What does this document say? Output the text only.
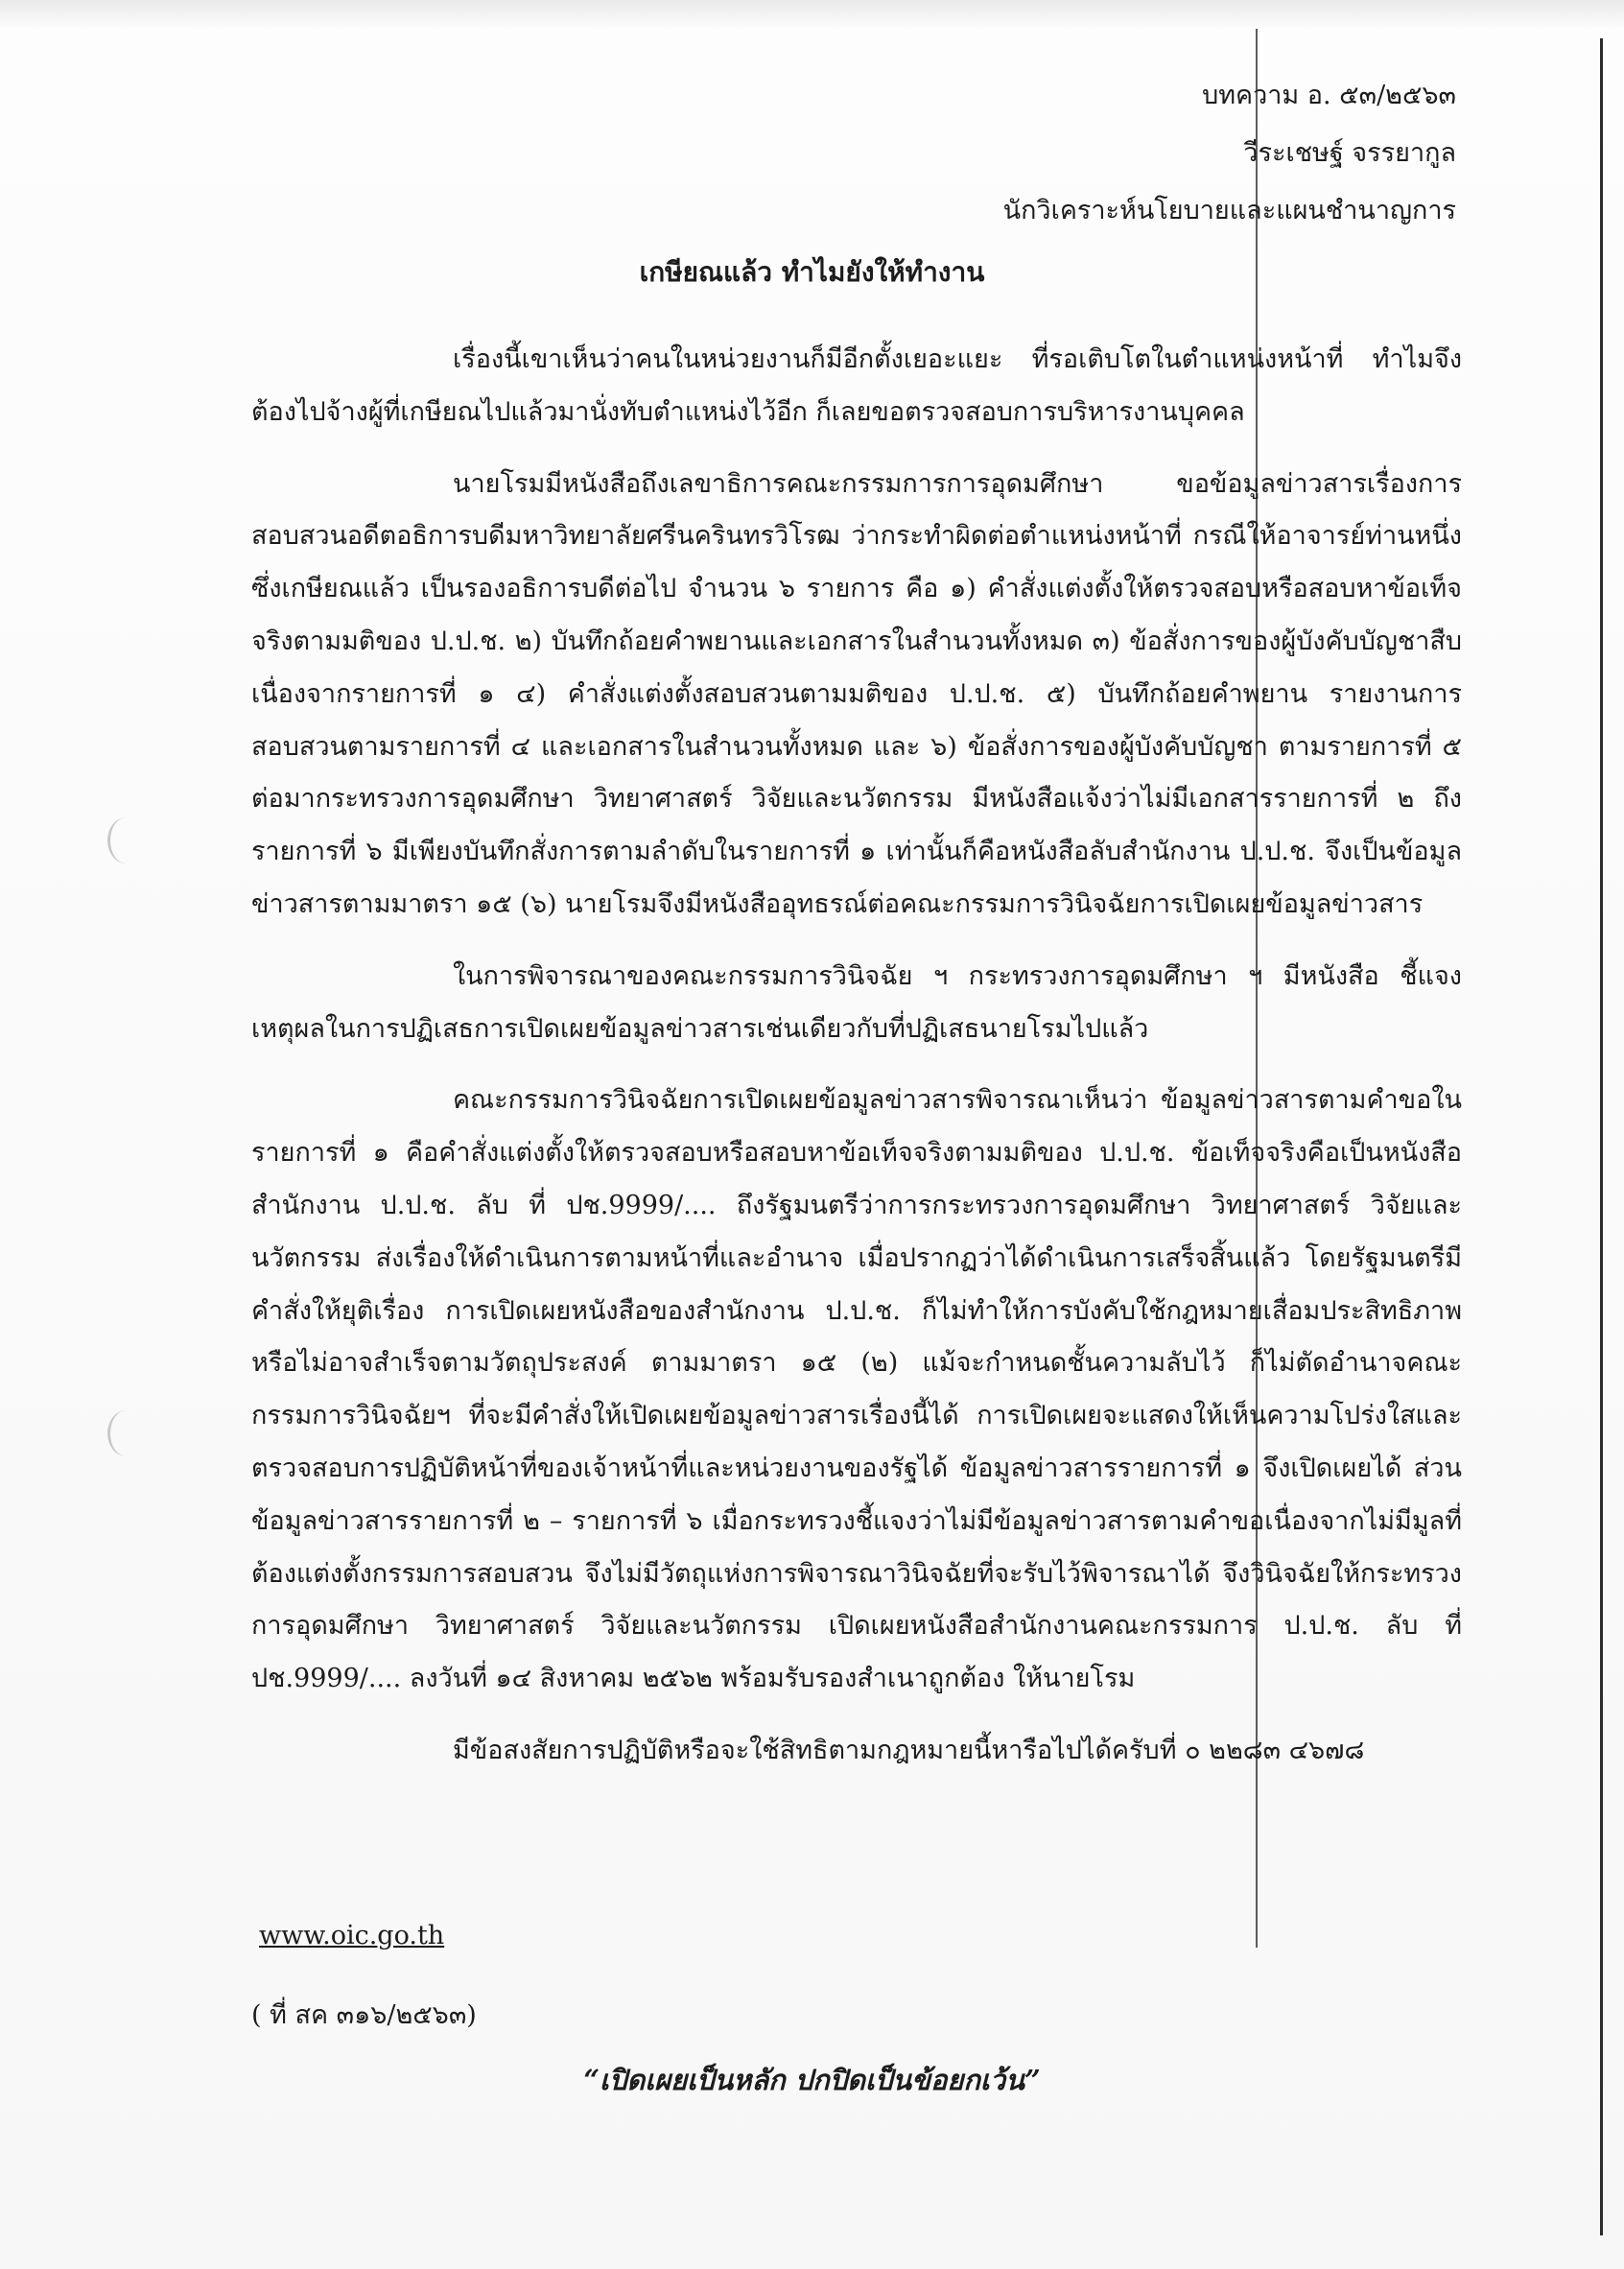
บทความ อ. ๕๓/๒๕๖๓
วีระเชษฐ์ จรรยากูล
นักวิเคราะห์นโยบายและแผนชำนาญการ
เกษียณแล้ว ทำไมยังให้ทำงาน

เรื่องนี้เขาเห็นว่าคนในหน่วยงานก็มีอีกตั้งเยอะแยะ ที่รอเติบโตในตำแหน่งหน้าที่ ทำไมจึงต้องไปจ้างผู้ที่เกษียณไปแล้วมานั่งทับตำแหน่งไว้อีก ก็เลยขอตรวจสอบการบริหารงานบุคคล

นายโรมมีหนังสือถึงเลขาธิการคณะกรรมการการอุดมศึกษา ขอข้อมูลข่าวสารเรื่องการสอบสวนอดีตอธิการบดีมหาวิทยาลัยศรีนครินทรวิโรฒ ว่ากระทำผิดต่อตำแหน่งหน้าที่ กรณีให้อาจารย์ท่านหนึ่งซึ่งเกษียณแล้ว เป็นรองอธิการบดีต่อไป จำนวน ๖ รายการ คือ ๑) คำสั่งแต่งตั้งให้ตรวจสอบหรือสอบหาข้อเท็จจริงตามมติของ ป.ป.ช. ๒) บันทึกถ้อยคำพยานและเอกสารในสำนวนทั้งหมด ๓) ข้อสั่งการของผู้บังคับบัญชาสืบเนื่องจากรายการที่ ๑ ๔) คำสั่งแต่งตั้งสอบสวนตามมติของ ป.ป.ช. ๕) บันทึกถ้อยคำพยาน รายงานการสอบสวนตามรายการที่ ๔ และเอกสารในสำนวนทั้งหมด และ ๖) ข้อสั่งการของผู้บังคับบัญชา ตามรายการที่ ๕ ต่อมากระทรวงการอุดมศึกษา วิทยาศาสตร์ วิจัยและนวัตกรรม มีหนังสือแจ้งว่าไม่มีเอกสารรายการที่ ๒ ถึงรายการที่ ๖ มีเพียงบันทึกสั่งการตามลำดับในรายการที่ ๑ เท่านั้นก็คือหนังสือลับสำนักงาน ป.ป.ช. จึงเป็นข้อมูลข่าวสารตามมาตรา ๑๕ (๖) นายโรมจึงมีหนังสืออุทธรณ์ต่อคณะกรรมการวินิจฉัยการเปิดเผยข้อมูลข่าวสาร

ในการพิจารณาของคณะกรรมการวินิจฉัย ฯ กระทรวงการอุดมศึกษา ฯ มีหนังสือ ชี้แจงเหตุผลในการปฏิเสธการเปิดเผยข้อมูลข่าวสารเช่นเดียวกับที่ปฏิเสธนายโรมไปแล้ว

คณะกรรมการวินิจฉัยการเปิดเผยข้อมูลข่าวสารพิจารณาเห็นว่า ข้อมูลข่าวสารตามคำขอในรายการที่ ๑ คือคำสั่งแต่งตั้งให้ตรวจสอบหรือสอบหาข้อเท็จจริงตามมติของ ป.ป.ช. ข้อเท็จจริงคือเป็นหนังสือสำนักงาน ป.ป.ช. ลับ ที่ ปช.9999/.... ถึงรัฐมนตรีว่าการกระทรวงการอุดมศึกษา วิทยาศาสตร์ วิจัยและนวัตกรรม ส่งเรื่องให้ดำเนินการตามหน้าที่และอำนาจ เมื่อปรากฏว่าได้ดำเนินการเสร็จสิ้นแล้ว โดยรัฐมนตรีมีคำสั่งให้ยุติเรื่อง การเปิดเผยหนังสือของสำนักงาน ป.ป.ช. ก็ไม่ทำให้การบังคับใช้กฎหมายเสื่อมประสิทธิภาพหรือไม่อาจสำเร็จตามวัตถุประสงค์ ตามมาตรา ๑๕ (๒) แม้จะกำหนดชั้นความลับไว้ ก็ไม่ตัดอำนาจคณะกรรมการวินิจฉัยฯ ที่จะมีคำสั่งให้เปิดเผยข้อมูลข่าวสารเรื่องนี้ได้ การเปิดเผยจะแสดงให้เห็นความโปร่งใสและตรวจสอบการปฏิบัติหน้าที่ของเจ้าหน้าที่และหน่วยงานของรัฐได้ ข้อมูลข่าวสารรายการที่ ๑ จึงเปิดเผยได้ ส่วนข้อมูลข่าวสารรายการที่ ๒ – รายการที่ ๖ เมื่อกระทรวงชี้แจงว่าไม่มีข้อมูลข่าวสารตามคำขอเนื่องจากไม่มีมูลที่ต้องแต่งตั้งกรรมการสอบสวน จึงไม่มีวัตถุแห่งการพิจารณาวินิจฉัยที่จะรับไว้พิจารณาได้ จึงวินิจฉัยให้กระทรวงการอุดมศึกษา วิทยาศาสตร์ วิจัยและนวัตกรรม เปิดเผยหนังสือสำนักงานคณะกรรมการ ป.ป.ช. ลับ ที่ ปช.9999/.... ลงวันที่ ๑๔ สิงหาคม ๒๕๖๒ พร้อมรับรองสำเนาถูกต้อง ให้นายโรม

มีข้อสงสัยการปฏิบัติหรือจะใช้สิทธิตามกฎหมายนี้หารือไปได้ครับที่ ๐ ๒๒๘๓ ๔๖๗๘

www.oic.go.th
( ที่ สค ๓๑๖/๒๕๖๓)
“เปิดเผยเป็นหลัก ปกปิดเป็นข้อยกเว้น”
